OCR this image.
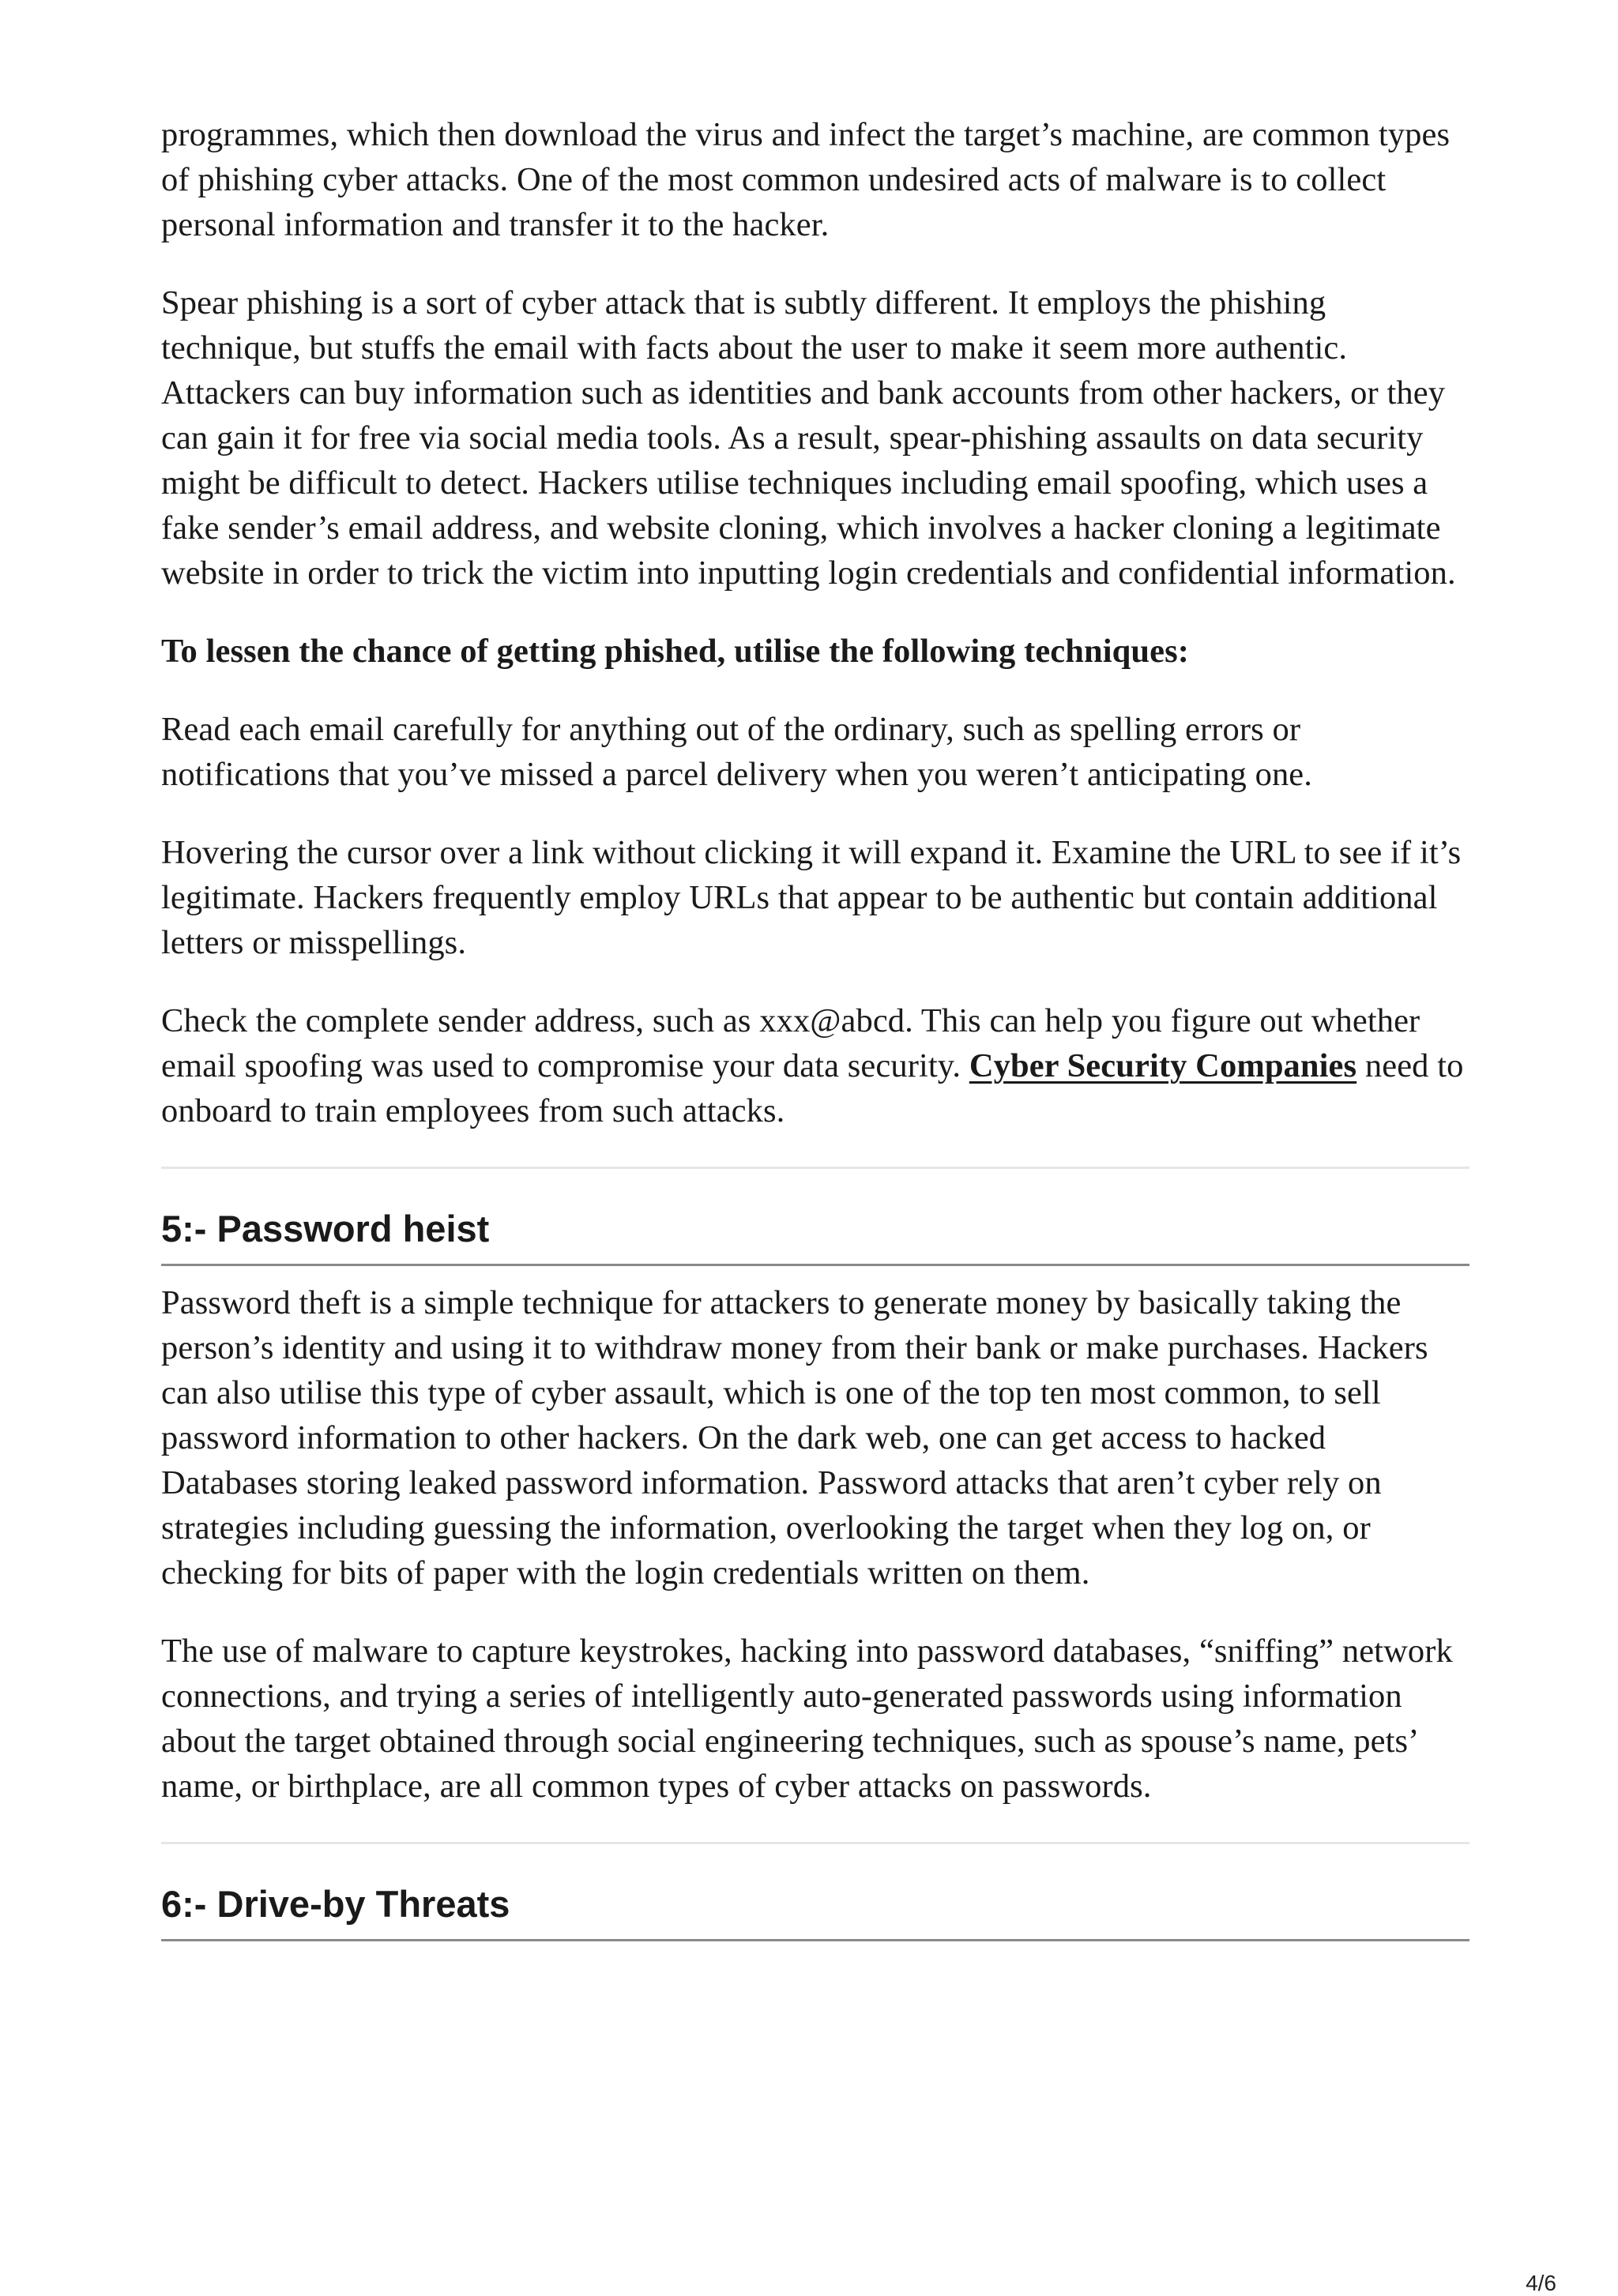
programmes, which then download the virus and infect the target’s machine, are common types of phishing cyber attacks. One of the most common undesired acts of malware is to collect personal information and transfer it to the hacker.

Spear phishing is a sort of cyber attack that is subtly different. It employs the phishing technique, but stuffs the email with facts about the user to make it seem more authentic. Attackers can buy information such as identities and bank accounts from other hackers, or they can gain it for free via social media tools. As a result, spear-phishing assaults on data security might be difficult to detect. Hackers utilise techniques including email spoofing, which uses a fake sender’s email address, and website cloning, which involves a hacker cloning a legitimate website in order to trick the victim into inputting login credentials and confidential information.

To lessen the chance of getting phished, utilise the following techniques:

Read each email carefully for anything out of the ordinary, such as spelling errors or notifications that you’ve missed a parcel delivery when you weren’t anticipating one.

Hovering the cursor over a link without clicking it will expand it. Examine the URL to see if it’s legitimate. Hackers frequently employ URLs that appear to be authentic but contain additional letters or misspellings.

Check the complete sender address, such as xxx@abcd. This can help you figure out whether email spoofing was used to compromise your data security. Cyber Security Companies need to onboard to train employees from such attacks.

5:- Password heist

Password theft is a simple technique for attackers to generate money by basically taking the person’s identity and using it to withdraw money from their bank or make purchases. Hackers can also utilise this type of cyber assault, which is one of the top ten most common, to sell password information to other hackers. On the dark web, one can get access to hacked Databases storing leaked password information. Password attacks that aren’t cyber rely on strategies including guessing the information, overlooking the target when they log on, or checking for bits of paper with the login credentials written on them.

The use of malware to capture keystrokes, hacking into password databases, “sniffing” network connections, and trying a series of intelligently auto-generated passwords using information about the target obtained through social engineering techniques, such as spouse’s name, pets’ name, or birthplace, are all common types of cyber attacks on passwords.

6:- Drive-by Threats
4/6
